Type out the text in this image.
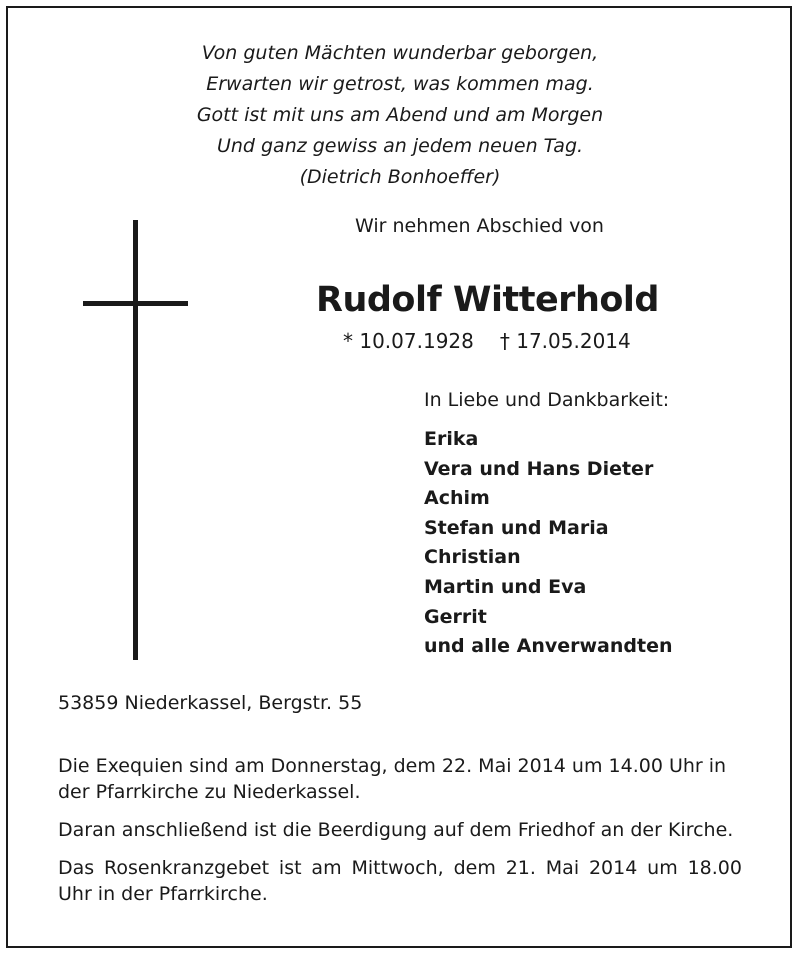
Von guten Mächten wunderbar geborgen,
Erwarten wir getrost, was kommen mag.
Gott ist mit uns am Abend und am Morgen
Und ganz gewiss an jedem neuen Tag.
(Dietrich Bonhoeffer)
Wir nehmen Abschied von
Rudolf Witterhold
* 10.07.1928 † 17.05.2014
In Liebe und Dankbarkeit:
Erika
Vera und Hans Dieter
Achim
Stefan und Maria
Christian
Martin und Eva
Gerrit
und alle Anverwandten
53859 Niederkassel, Bergstr. 55

Die Exequien sind am Donnerstag, dem 22. Mai 2014 um 14.00 Uhr in der Pfarrkirche zu Niederkassel.

Daran anschließend ist die Beerdigung auf dem Friedhof an der Kirche.

Das Rosenkranzgebet ist am Mittwoch, dem 21. Mai 2014 um 18.00 Uhr in der Pfarrkirche.
